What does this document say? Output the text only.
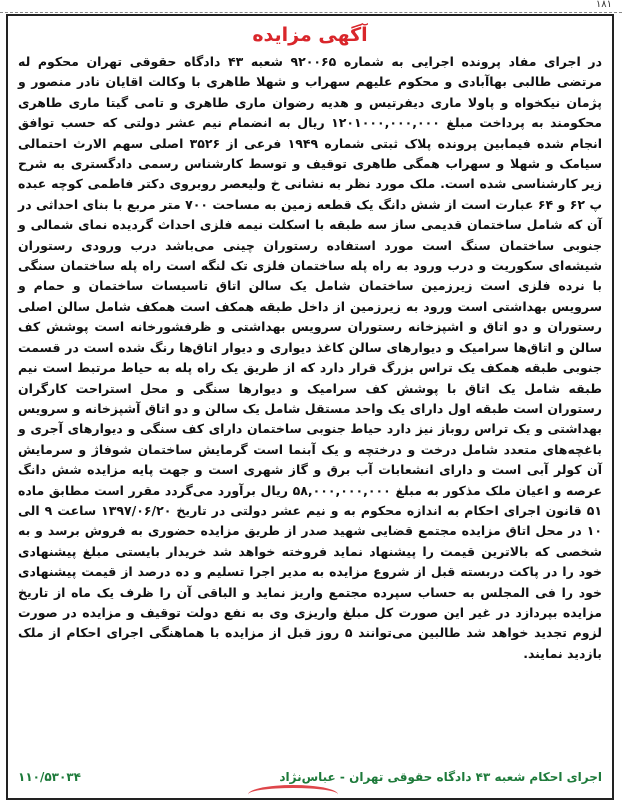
۱۸۱
آگهی مزایده

در اجرای مفاد پرونده اجرایی به شماره ۹۲۰۰۶۵ شعبه ۴۳ دادگاه حقوقی تهران محکوم له مرتضی طالبی بهاآبادی و محکوم علیهم سهراب و شهلا طاهری با وکالت اقایان نادر منصور و پژمان نیکخواه و پاولا ماری دیفرتیس و هدیه رضوان ماری طاهری و تامی گیتا ماری طاهری محکومند به پرداخت مبلغ ۱۲۰۱۰۰۰,۰۰۰,۰۰۰ ریال به انضمام نیم عشر دولتی که حسب توافق انجام شده فیمابین پرونده پلاک ثبتی شماره ۱۹۴۹ فرعی از ۳۵۲۶ اصلی سهم الارث احتمالی سیامک و شهلا و سهراب همگی طاهری توقیف و توسط کارشناس رسمی دادگستری به شرح زیر کارشناسی شده است. ملک مورد نظر به نشانی خ ولیعصر روبروی دکتر فاطمی کوچه عبده پ ۶۲ و ۶۴ عبارت است از شش دانگ یک قطعه زمین به مساحت ۷۰۰ متر مربع با بنای احداثی در آن که شامل ساختمان قدیمی ساز سه طبقه با اسکلت نیمه فلزی احداث گردیده نمای شمالی و جنوبی ساختمان سنگ است مورد استفاده رستوران چینی می‌باشد درب ورودی رستوران شیشه‌ای سکوریت و درب ورود به راه پله ساختمان فلزی تک لنگه است راه پله ساختمان سنگی با نرده فلزی است زیرزمین ساختمان شامل یک سالن اتاق تاسیسات ساختمان و حمام و سرویس بهداشتی است ورود به زیرزمین از داخل طبقه همکف است همکف شامل سالن اصلی رستوران و دو اتاق و اشپزخانه رستوران سرویس بهداشتی و ظرفشورخانه است پوشش کف سالن و اتاق‌ها سرامیک و دیوارهای سالن کاغذ دیواری و دیوار اتاق‌ها رنگ شده است در قسمت جنوبی طبقه همکف یک تراس بزرگ قرار دارد که از طریق یک راه پله به حیاط مرتبط است نیم طبقه شامل یک اتاق با پوشش کف سرامیک و دیوارها سنگی و محل استراحت کارگران رستوران است طبقه اول دارای یک واحد مستقل شامل یک سالن و دو اتاق آشپزخانه و سرویس بهداشتی و یک تراس روباز نیز دارد حیاط جنوبی ساختمان دارای کف سنگی و دیوارهای آجری و باغچه‌های متعدد شامل درخت و درختچه و یک آبنما است گرمایش ساختمان شوفاژ و سرمایش آن کولر آبی است و دارای انشعابات آب برق و گاز شهری است و جهت پایه مزایده شش دانگ عرصه و اعیان ملک مذکور به مبلغ ۵۸,۰۰۰,۰۰۰,۰۰۰ ریال برآورد می‌گردد مقرر است مطابق ماده ۵۱ قانون اجرای احکام به اندازه محکوم به و نیم عشر دولتی در تاریخ ۱۳۹۷/۰۶/۲۰ ساعت ۹ الی ۱۰ در محل اتاق مزایده مجتمع قضایی شهید صدر از طریق مزایده حضوری به فروش برسد و به شخصی که بالاترین قیمت را پیشنهاد نماید فروخته خواهد شد خریدار بایستی مبلغ پیشنهادی خود را در پاکت دربسته قبل از شروع مزایده به مدیر اجرا تسلیم و ده درصد از قیمت پیشنهادی خود را فی المجلس به حساب سپرده مجتمع واریز نماید و الباقی آن را ظرف یک ماه از تاریخ مزایده بپردازد در غیر این صورت کل مبلغ واریزی وی به نفع دولت توقیف و مزایده در صورت لزوم تجدید خواهد شد طالبین می‌توانند ۵ روز قبل از مزایده با هماهنگی اجرای احکام از ملک بازدید نمایند.

اجرای احکام شعبه ۴۳ دادگاه حقوقی تهران - عباس‌نژاد
۱۱۰/۵۳۰۳۴
